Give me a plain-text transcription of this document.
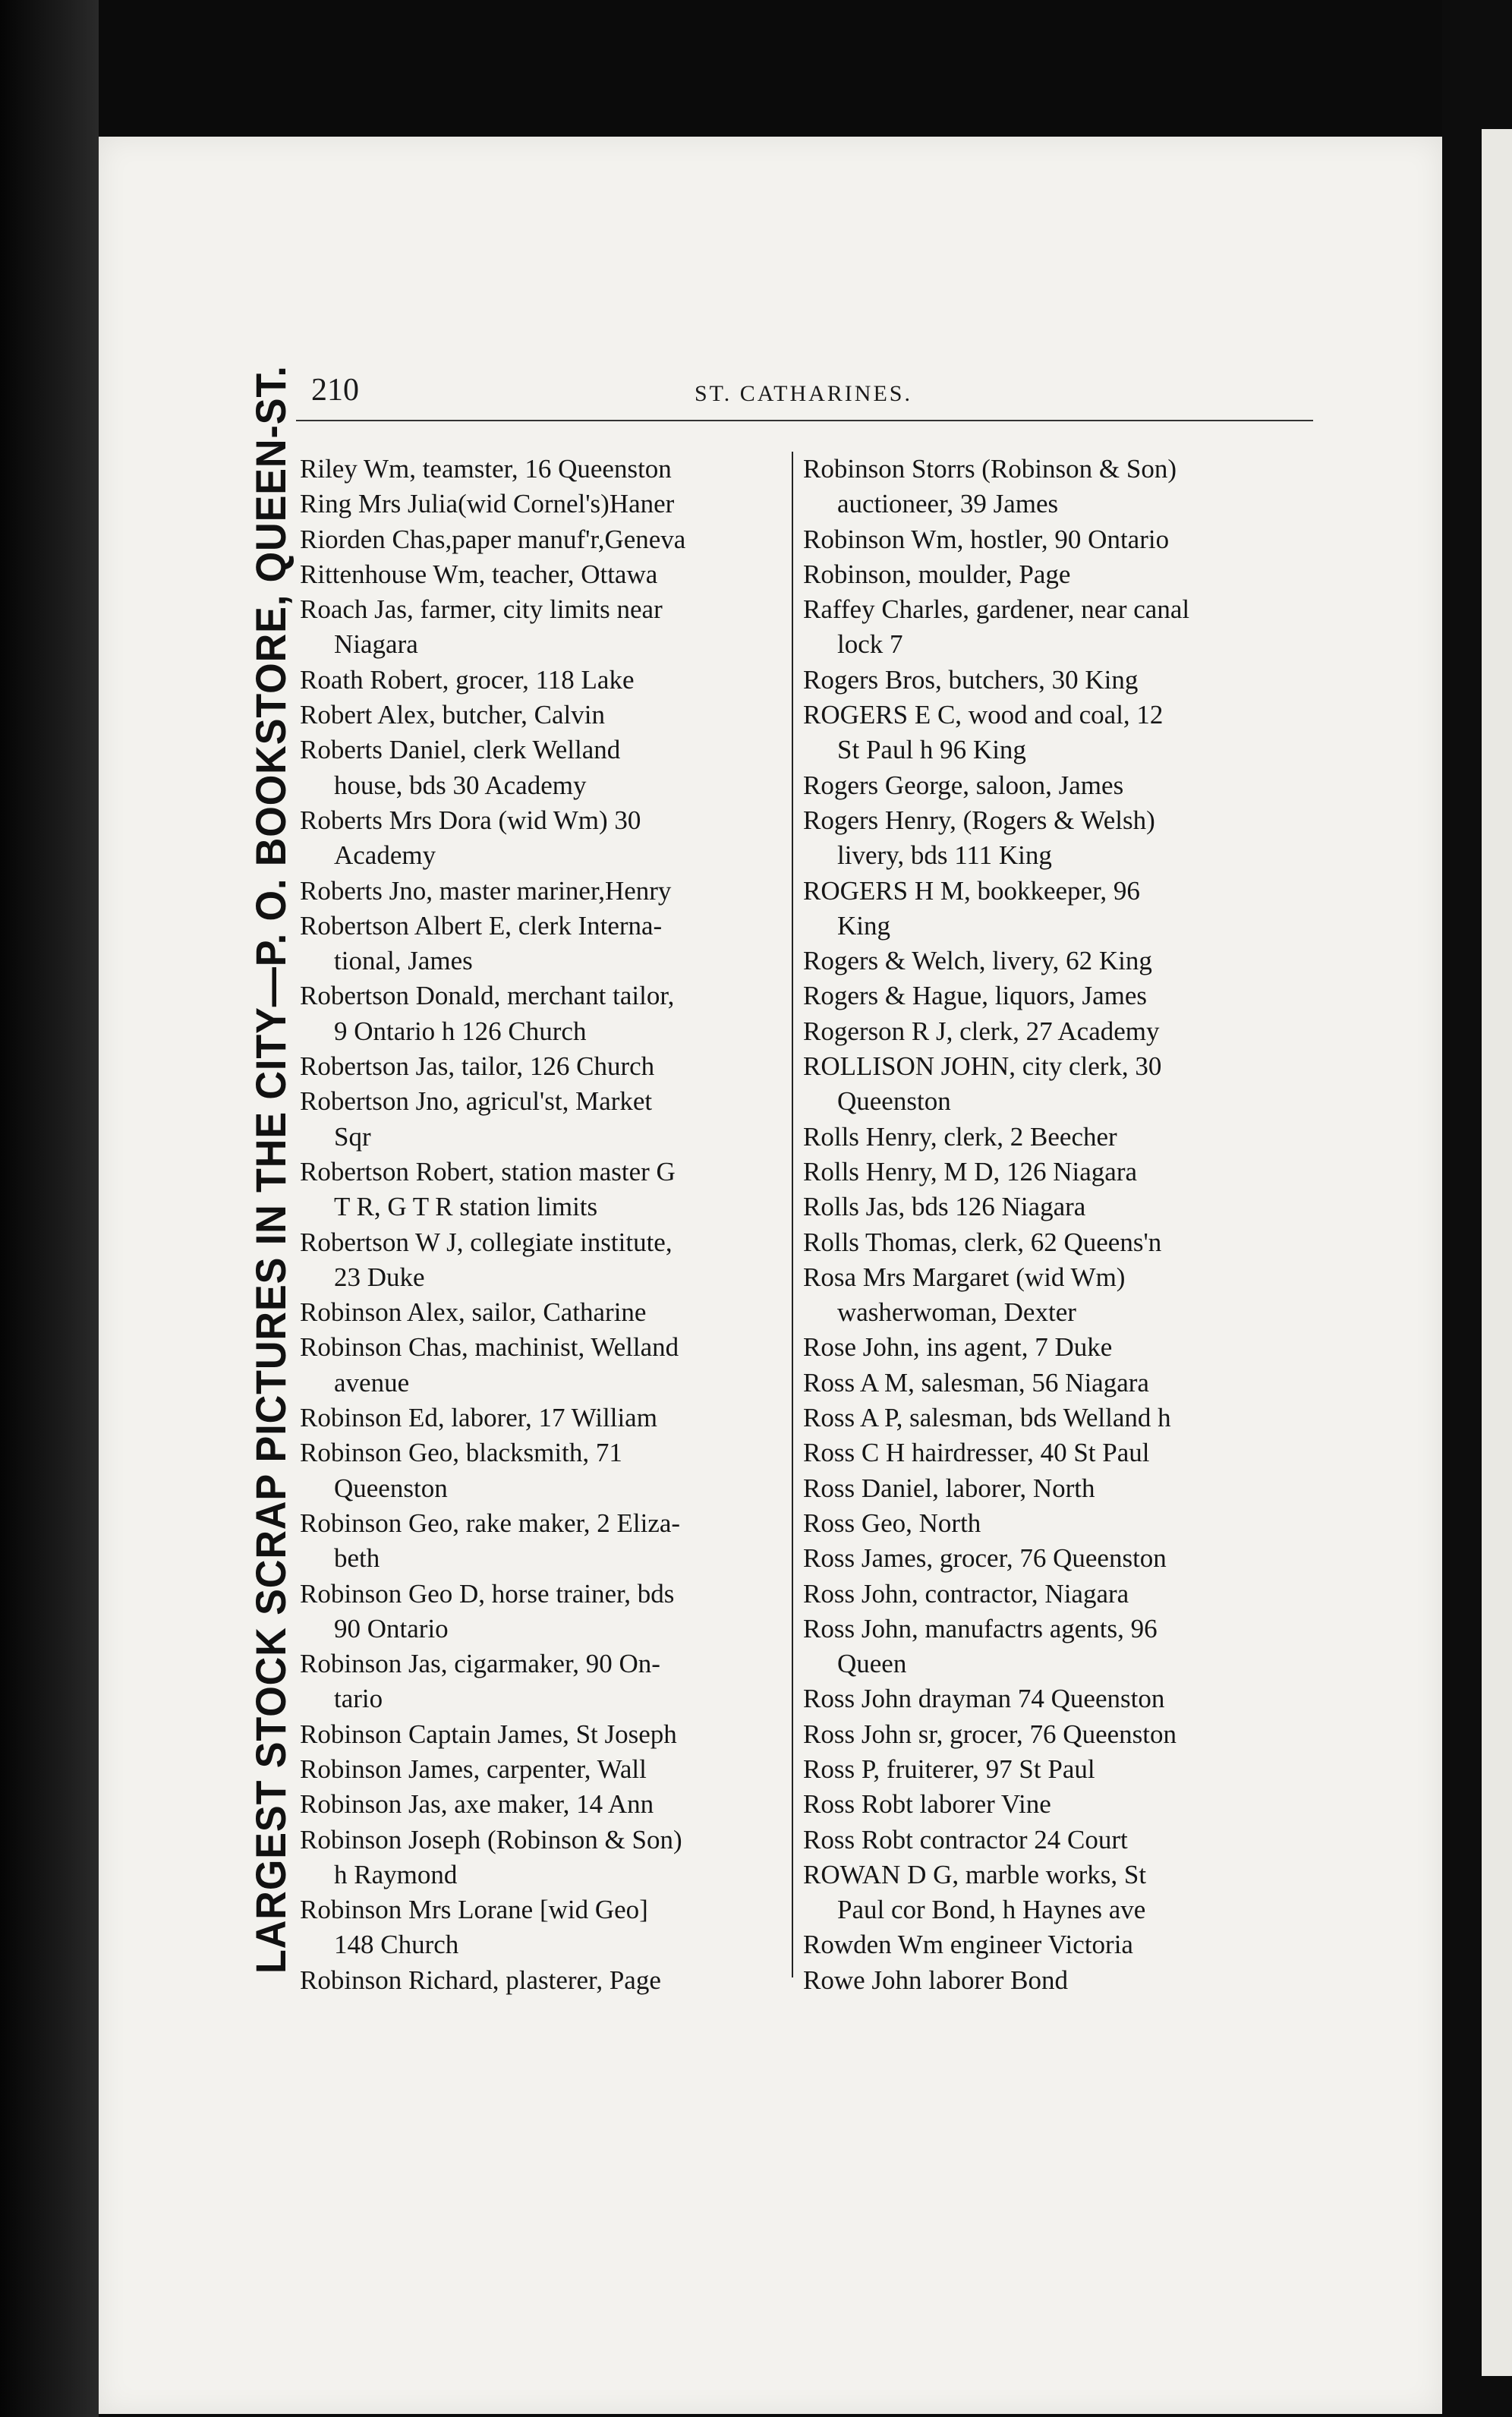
210	ST. CATHARINES.
LARGEST STOCK SCRAP PICTURES IN THE CITY—P. O. BOOKSTORE, QUEEN-ST. Riley Wm, teamster, 16 Queenston
Ring Mrs Julia(wid Cornel's)Haner
Riorden Chas,paper manuf'r,Geneva
Rittenhouse Wm, teacher, Ottawa
Roach Jas, farmer, city limits near
Niagara
Roath Robert, grocer, 118 Lake
Robert Alex, butcher, Calvin
Roberts Daniel, clerk Welland
house, bds 30 Academy
Roberts Mrs Dora (wid Wm) 30
Academy
Roberts Jno, master mariner,Henry
Robertson Albert E, clerk Interna-
tional, James
Robertson Donald, merchant tailor,
9 Ontario h 126 Church
Robertson Jas, tailor, 126 Church
Robertson Jno, agricul'st, Market
Sqr
Robertson Robert, station master G
T R, G T R station limits
Robertson W J, collegiate institute,
23 Duke
Robinson Alex, sailor, Catharine
Robinson Chas, machinist, Welland
avenue
Robinson Ed, laborer, 17 William
Robinson Geo, blacksmith, 71
Queenston
Robinson Geo, rake maker, 2 Eliza-
beth
Robinson Geo D, horse trainer, bds
90 Ontario
Robinson Jas, cigarmaker, 90 On-
tario
Robinson Captain James, St Joseph
Robinson James, carpenter, Wall
Robinson Jas, axe maker, 14 Ann
Robinson Joseph (Robinson & Son)
h Raymond
Robinson Mrs Lorane [wid Geo]
148 Church
Robinson Richard, plasterer, Page
Robinson Storrs (Robinson & Son)
auctioneer, 39 James
Robinson Wm, hostler, 90 Ontario
Robinson, moulder, Page
Raffey Charles, gardener, near canal
lock 7
Rogers Bros, butchers, 30 King
ROGERS E C, wood and coal, 12
St Paul h 96 King
Rogers George, saloon, James
Rogers Henry, (Rogers & Welsh)
livery, bds 111 King
ROGERS H M, bookkeeper, 96
King
Rogers & Welch, livery, 62 King
Rogers & Hague, liquors, James
Rogerson R J, clerk, 27 Academy
ROLLISON JOHN, city clerk, 30
Queenston
Rolls Henry, clerk, 2 Beecher
Rolls Henry, M D, 126 Niagara
Rolls Jas, bds 126 Niagara
Rolls Thomas, clerk, 62 Queens'n
Rosa Mrs Margaret (wid Wm)
washerwoman, Dexter
Rose John, ins agent, 7 Duke
Ross A M, salesman, 56 Niagara
Ross A P, salesman, bds Welland h
Ross C H hairdresser, 40 St Paul
Ross Daniel, laborer, North
Ross Geo, North
Ross James, grocer, 76 Queenston
Ross John, contractor, Niagara
Ross John, manufactrs agents, 96
Queen
Ross John drayman 74 Queenston
Ross John sr, grocer, 76 Queenston
Ross P, fruiterer, 97 St Paul
Ross Robt laborer Vine
Ross Robt contractor 24 Court
ROWAN D G, marble works, St
Paul cor Bond, h Haynes ave
Rowden Wm engineer Victoria
Rowe John laborer Bond
